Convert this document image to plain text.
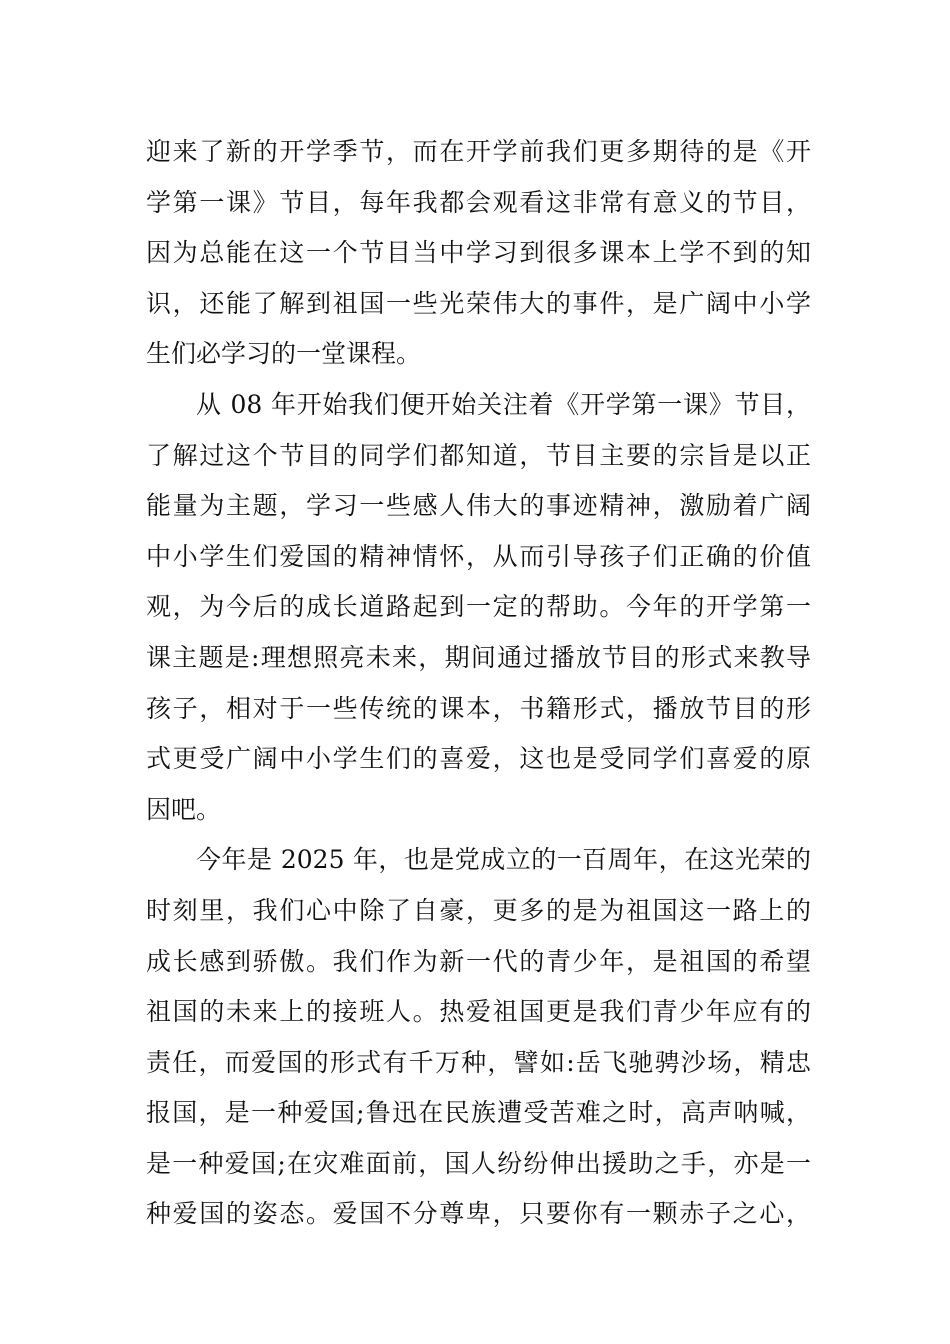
迎来了新的开学季节，而在开学前我们更多期待的是《开
学第一课》节目，每年我都会观看这非常有意义的节目，
因为总能在这一个节目当中学习到很多课本上学不到的知
识，还能了解到祖国一些光荣伟大的事件，是广阔中小学
生们必学习的一堂课程。
从 08 年开始我们便开始关注着《开学第一课》节目，
了解过这个节目的同学们都知道，节目主要的宗旨是以正
能量为主题，学习一些感人伟大的事迹精神，激励着广阔
中小学生们爱国的精神情怀，从而引导孩子们正确的价值
观，为今后的成长道路起到一定的帮助。今年的开学第一
课主题是:理想照亮未来，期间通过播放节目的形式来教导
孩子，相对于一些传统的课本，书籍形式，播放节目的形
式更受广阔中小学生们的喜爱，这也是受同学们喜爱的原
因吧。
今年是 2025 年，也是党成立的一百周年，在这光荣的
时刻里，我们心中除了自豪，更多的是为祖国这一路上的
成长感到骄傲。我们作为新一代的青少年，是祖国的希望
祖国的未来上的接班人。热爱祖国更是我们青少年应有的
责任，而爱国的形式有千万种，譬如:岳飞驰骋沙场，精忠
报国，是一种爱国;鲁迅在民族遭受苦难之时，高声呐喊，
是一种爱国;在灾难面前，国人纷纷伸出援助之手，亦是一
种爱国的姿态。爱国不分尊卑，只要你有一颗赤子之心，
